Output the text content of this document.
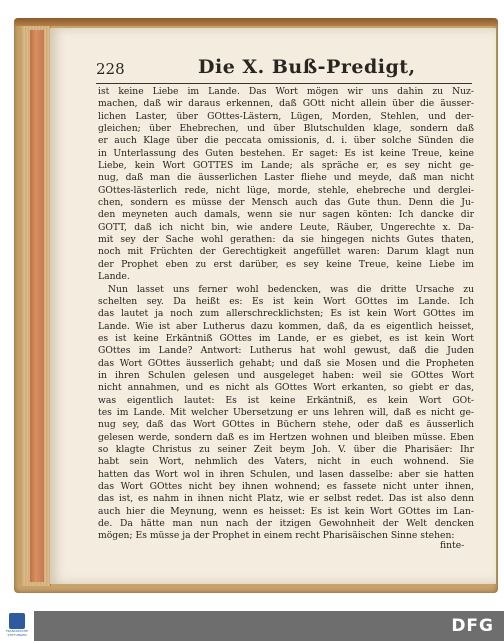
228	Die X. Buß-Predigt,
ist keine Liebe im Lande. Das Wort mögen wir uns dahin zu Nuz-
machen, daß wir daraus erkennen, daß GOtt nicht allein über die äusser-
lichen Laster, über GOttes-Lästern, Lügen, Morden, Stehlen, und der-
gleichen; über Ehebrechen, und über Blutschulden klage, sondern daß
er auch Klage über die peccata omissionis, d. i. über solche Sünden die
in Unterlassung des Guten bestehen. Er saget: Es ist keine Treue, keine
Liebe, kein Wort GOTTES im Lande; als spräche er, es sey nicht ge-
nug, daß man die äusserlichen Laster fliehe und meyde, daß man nicht
GOttes-lästerlich rede, nicht lüge, morde, stehle, ehebreche und derglei-
chen, sondern es müsse der Mensch auch das Gute thun. Denn die Ju-
den meyneten auch damals, wenn sie nur sagen könten: Ich dancke dir
GOTT, daß ich nicht bin, wie andere Leute, Räuber, Ungerechte x. Da-
mit sey der Sache wohl gerathen: da sie hingegen nichts Gutes thaten,
noch mit Früchten der Gerechtigkeit angefüllet waren: Darum klagt nun
der Prophet eben zu erst darüber, es sey keine Treue, keine Liebe im
Lande.
Nun lasset uns ferner wohl bedencken, was die dritte Ursache zu
schelten sey. Da heißt es: Es ist kein Wort GOttes im Lande. Ich
das lautet ja noch zum allerschrecklichsten; Es ist kein Wort GOttes im
Lande. Wie ist aber Lutherus dazu kommen, daß, da es eigentlich heisset,
es ist keine Erkäntniß GOttes im Lande, er es giebet, es ist kein Wort
GOttes im Lande? Antwort: Lutherus hat wohl gewust, daß die Juden
das Wort GOttes äusserlich gehabt; und daß sie Mosen und die Propheten
in ihren Schulen gelesen und ausgeleget haben: weil sie GOttes Wort
nicht annahmen, und es nicht als GOttes Wort erkanten, so giebt er das,
was eigentlich lautet: Es ist keine Erkäntniß, es kein Wort GOt-
tes im Lande. Mit welcher Ubersetzung er uns lehren will, daß es nicht ge-
nug sey, daß das Wort GOttes in Büchern stehe, oder daß es äusserlich
gelesen werde, sondern daß es im Hertzen wohnen und bleiben müsse. Eben
so klagte Christus zu seiner Zeit beym Joh. V. über die Pharisäer: Ihr
habt sein Wort, nehmlich des Vaters, nicht in euch wohnend. Sie
hatten das Wort wol in ihren Schulen, und lasen dasselbe: aber sie hatten
das Wort GOttes nicht bey ihnen wohnend; es fassete nicht unter ihnen,
das ist, es nahm in ihnen nicht Platz, wie er selbst redet. Das ist also denn
auch hier die Meynung, wenn es heisset: Es ist kein Wort GOttes im Lan-
de. Da hätte man nun nach der itzigen Gewohnheit der Welt dencken
mögen; Es müsse ja der Prophet in einem recht Pharisäischen Sinne stehen:
finte-
FRANCKESCHE STIFTUNGEN	DFG
